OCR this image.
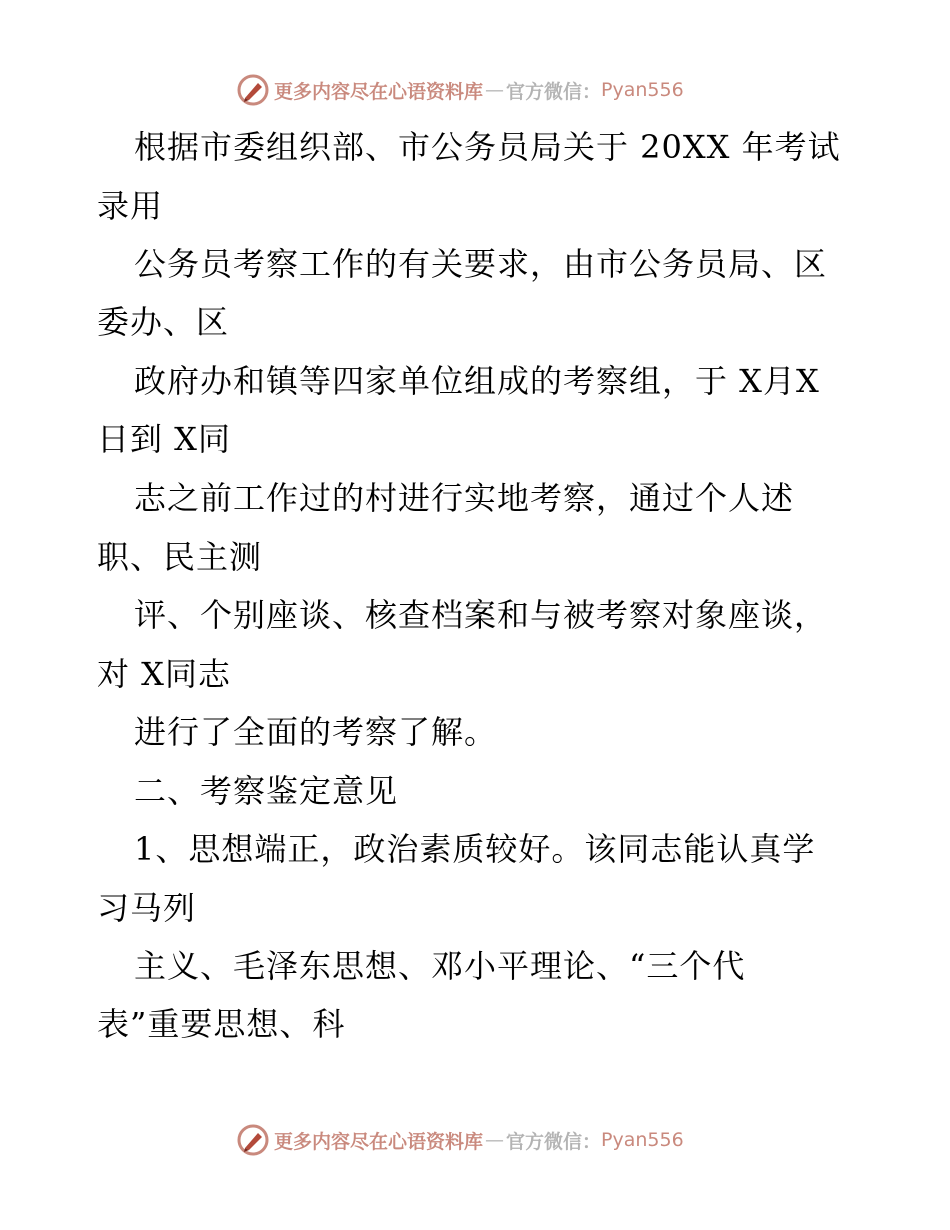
更多内容尽在心语资料库 — 官方微信： Pyan556
根据市委组织部、市公务员局关于 20XX 年考试
录用
公务员考察工作的有关要求，由市公务员局、区
委办、区
政府办和镇等四家单位组成的考察组，于 X月X
日到 X同
志之前工作过的村进行实地考察，通过个人述
职、民主测
评、个别座谈、核查档案和与被考察对象座谈，
对 X同志
进行了全面的考察了解。
二、考察鉴定意见
1、思想端正，政治素质较好。该同志能认真学
习马列
主义、毛泽东思想、邓小平理论、“三个代
表”重要思想、科
更多内容尽在心语资料库 — 官方微信： Pyan556
